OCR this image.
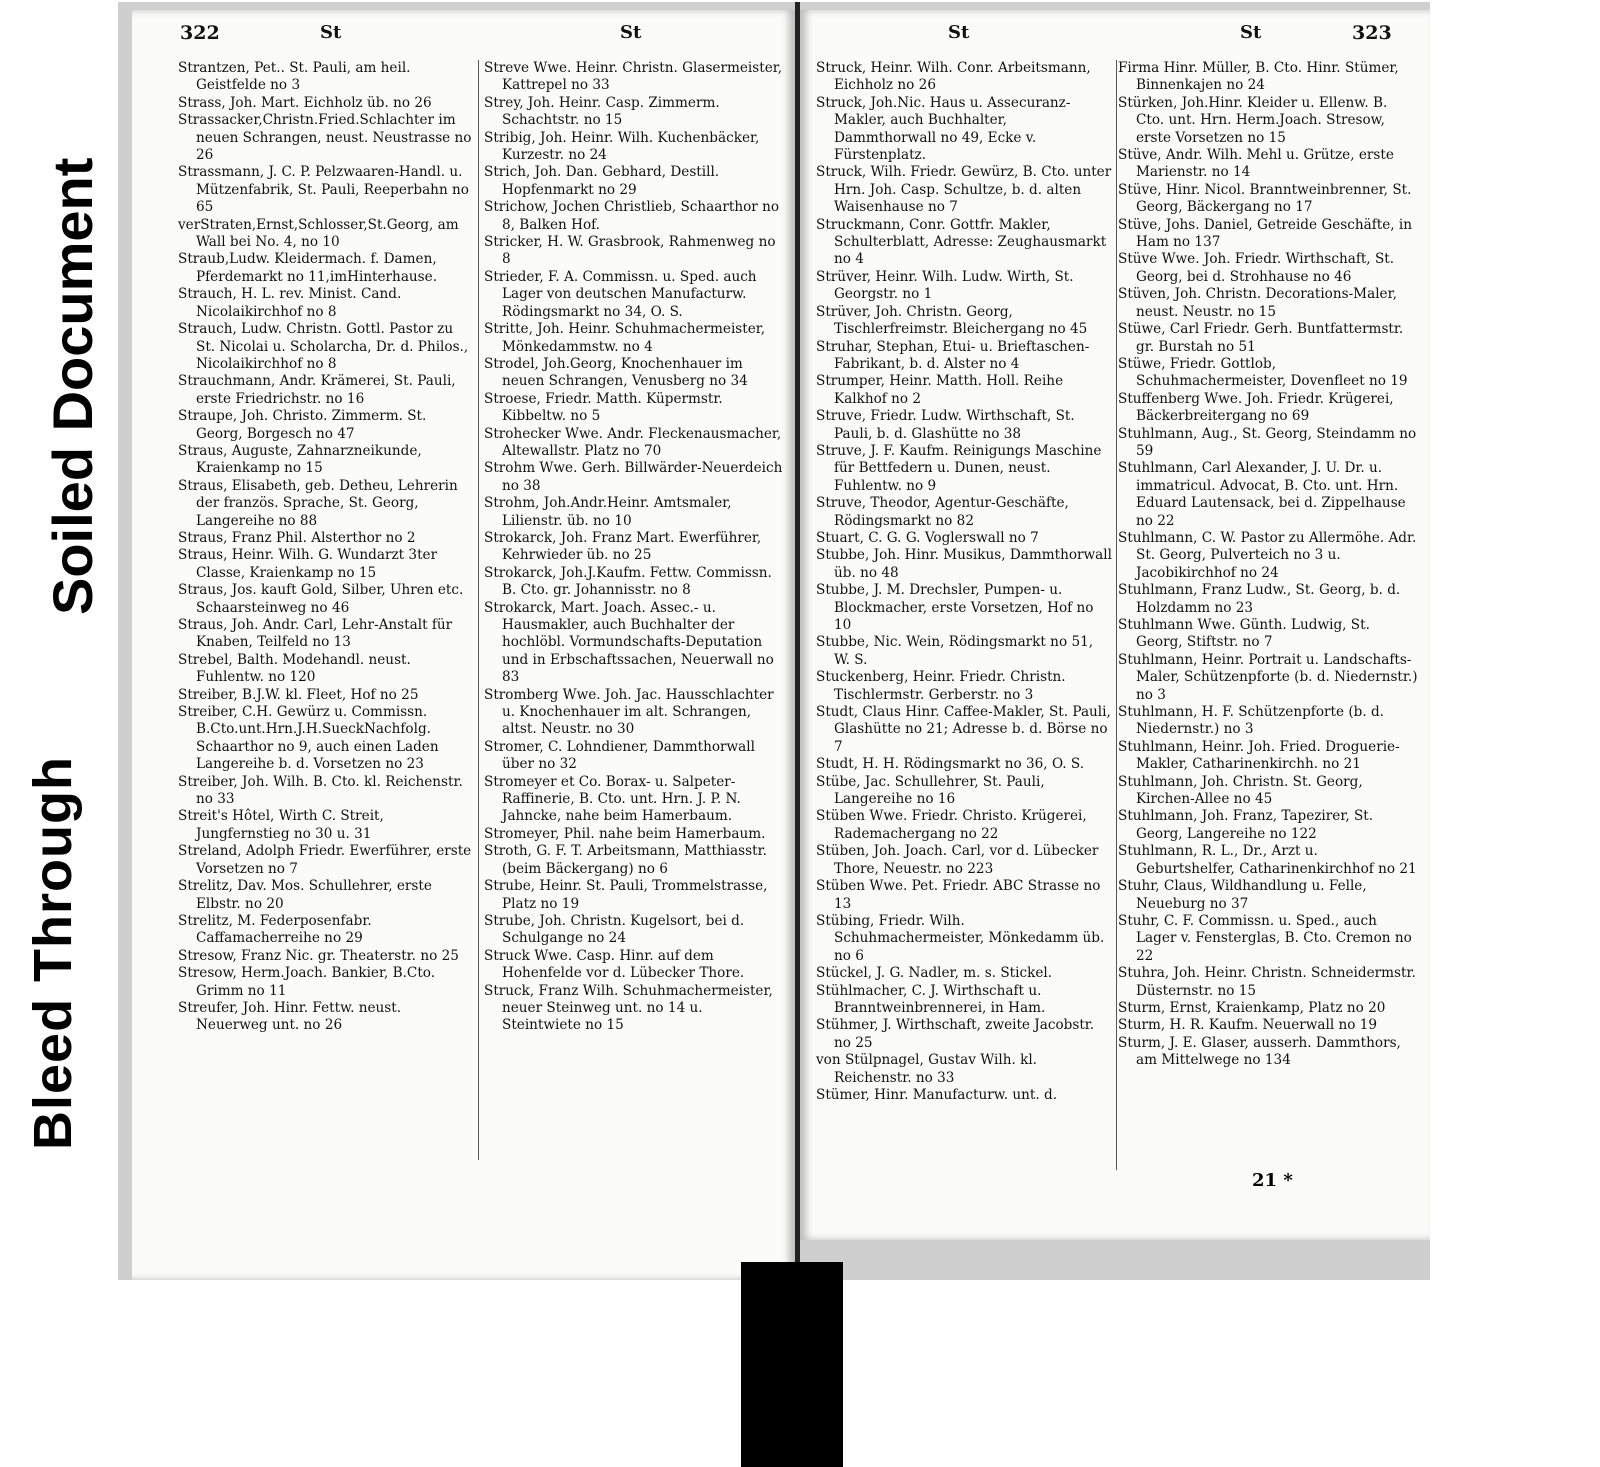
Soiled Document
Bleed Through
322	St	St
Strantzen, Pet.. St. Pauli, am heil. Geistfelde no 3
Strass, Joh. Mart. Eichholz üb. no 26
Strassacker,Christn.Fried.Schlachter im neuen Schrangen, neust. Neustrasse no 26
Strassmann, J. C. P. Pelzwaaren-Handl. u. Mützenfabrik, St. Pauli, Reeperbahn no 65
verStraten,Ernst,Schlosser,St.Georg, am Wall bei No. 4, no 10
Straub,Ludw. Kleidermach. f. Damen, Pferdemarkt no 11,imHinterhause.
Strauch, H. L. rev. Minist. Cand. Nicolaikirchhof no 8
Strauch, Ludw. Christn. Gottl. Pastor zu St. Nicolai u. Scholarcha, Dr. d. Philos., Nicolaikirchhof no 8
Strauchmann, Andr. Krämerei, St. Pauli, erste Friedrichstr. no 16
Straupe, Joh. Christo. Zimmerm. St. Georg, Borgesch no 47
Straus, Auguste, Zahnarzneikunde, Kraienkamp no 15
Straus, Elisabeth, geb. Detheu, Lehrerin der französ. Sprache, St. Georg, Langereihe no 88
Straus, Franz Phil. Alsterthor no 2
Straus, Heinr. Wilh. G. Wundarzt 3ter Classe, Kraienkamp no 15
Straus, Jos. kauft Gold, Silber, Uhren etc. Schaarsteinweg no 46
Straus, Joh. Andr. Carl, Lehr-Anstalt für Knaben, Teilfeld no 13
Strebel, Balth. Modehandl. neust. Fuhlentw. no 120
Streiber, B.J.W. kl. Fleet, Hof no 25
Streiber, C.H. Gewürz u. Commissn. B.Cto.unt.Hrn.J.H.SueckNachfolg. Schaarthor no 9, auch einen Laden Langereihe b. d. Vorsetzen no 23
Streiber, Joh. Wilh. B. Cto. kl. Reichenstr. no 33
Streit's Hôtel, Wirth C. Streit, Jungfernstieg no 30 u. 31
Streland, Adolph Friedr. Ewerführer, erste Vorsetzen no 7
Strelitz, Dav. Mos. Schullehrer, erste Elbstr. no 20
Strelitz, M. Federposenfabr. Caffamacherreihe no 29
Stresow, Franz Nic. gr. Theaterstr. no 25
Stresow, Herm.Joach. Bankier, B.Cto. Grimm no 11
Streufer, Joh. Hinr. Fettw. neust. Neuerweg unt. no 26
Streve Wwe. Heinr. Christn. Glasermeister, Kattrepel no 33
Strey, Joh. Heinr. Casp. Zimmerm. Schachtstr. no 15
Stribig, Joh. Heinr. Wilh. Kuchenbäcker, Kurzestr. no 24
Strich, Joh. Dan. Gebhard, Destill. Hopfenmarkt no 29
Strichow, Jochen Christlieb, Schaarthor no 8, Balken Hof.
Stricker, H. W. Grasbrook, Rahmenweg no 8
Strieder, F. A. Commissn. u. Sped. auch Lager von deutschen Manufacturw. Rödingsmarkt no 34, O. S.
Stritte, Joh. Heinr. Schuhmachermeister, Mönkedammstw. no 4
Strodel, Joh.Georg, Knochenhauer im neuen Schrangen, Venusberg no 34
Stroese, Friedr. Matth. Küpermstr. Kibbeltw. no 5
Strohecker Wwe. Andr. Fleckenausmacher, Altewallstr. Platz no 70
Strohm Wwe. Gerh. Billwärder-Neuerdeich no 38
Strohm, Joh.Andr.Heinr. Amtsmaler, Lilienstr. üb. no 10
Strokarck, Joh. Franz Mart. Ewerführer, Kehrwieder üb. no 25
Strokarck, Joh.J.Kaufm. Fettw. Commissn. B. Cto. gr. Johannisstr. no 8
Strokarck, Mart. Joach. Assec.- u. Hausmakler, auch Buchhalter der hochlöbl. Vormundschafts-Deputation und in Erbschaftssachen, Neuerwall no 83
Stromberg Wwe. Joh. Jac. Hausschlachter u. Knochenhauer im alt. Schrangen, altst. Neustr. no 30
Stromer, C. Lohndiener, Dammthorwall über no 32
Stromeyer et Co. Borax- u. Salpeter-Raffinerie, B. Cto. unt. Hrn. J. P. N. Jahncke, nahe beim Hamerbaum.
Stromeyer, Phil. nahe beim Hamerbaum.
Stroth, G. F. T. Arbeitsmann, Matthiasstr. (beim Bäckergang) no 6
Strube, Heinr. St. Pauli, Trommelstrasse, Platz no 19
Strube, Joh. Christn. Kugelsort, bei d. Schulgange no 24
Struck Wwe. Casp. Hinr. auf dem Hohenfelde vor d. Lübecker Thore.
Struck, Franz Wilh. Schuhmachermeister, neuer Steinweg unt. no 14 u. Steintwiete no 15
St	St	323
Struck, Heinr. Wilh. Conr. Arbeitsmann, Eichholz no 26
Struck, Joh.Nic. Haus u. Assecuranz-Makler, auch Buchhalter, Dammthorwall no 49, Ecke v. Fürstenplatz.
Struck, Wilh. Friedr. Gewürz, B. Cto. unter Hrn. Joh. Casp. Schultze, b. d. alten Waisenhause no 7
Struckmann, Conr. Gottfr. Makler, Schulterblatt, Adresse: Zeughausmarkt no 4
Strüver, Heinr. Wilh. Ludw. Wirth, St. Georgstr. no 1
Strüver, Joh. Christn. Georg, Tischlerfreimstr. Bleichergang no 45
Struhar, Stephan, Etui- u. Brieftaschen-Fabrikant, b. d. Alster no 4
Strumper, Heinr. Matth. Holl. Reihe Kalkhof no 2
Struve, Friedr. Ludw. Wirthschaft, St. Pauli, b. d. Glashütte no 38
Struve, J. F. Kaufm. Reinigungs Maschine für Bettfedern u. Dunen, neust. Fuhlentw. no 9
Struve, Theodor, Agentur-Geschäfte, Rödingsmarkt no 82
Stuart, C. G. G. Voglerswall no 7
Stubbe, Joh. Hinr. Musikus, Dammthorwall üb. no 48
Stubbe, J. M. Drechsler, Pumpen- u. Blockmacher, erste Vorsetzen, Hof no 10
Stubbe, Nic. Wein, Rödingsmarkt no 51, W. S.
Stuckenberg, Heinr. Friedr. Christn. Tischlermstr. Gerberstr. no 3
Studt, Claus Hinr. Caffee-Makler, St. Pauli, Glashütte no 21; Adresse b. d. Börse no 7
Studt, H. H. Rödingsmarkt no 36, O. S.
Stübe, Jac. Schullehrer, St. Pauli, Langereihe no 16
Stüben Wwe. Friedr. Christo. Krügerei, Rademachergang no 22
Stüben, Joh. Joach. Carl, vor d. Lübecker Thore, Neuestr. no 223
Stüben Wwe. Pet. Friedr. ABC Strasse no 13
Stübing, Friedr. Wilh. Schuhmachermeister, Mönkedamm üb. no 6
Stückel, J. G. Nadler, m. s. Stickel.
Stühlmacher, C. J. Wirthschaft u. Branntweinbrennerei, in Ham.
Stühmer, J. Wirthschaft, zweite Jacobstr. no 25
von Stülpnagel, Gustav Wilh. kl. Reichenstr. no 33
Stümer, Hinr. Manufacturw. unt. d.
Firma Hinr. Müller, B. Cto. Hinr. Stümer, Binnenkajen no 24
Stürken, Joh.Hinr. Kleider u. Ellenw. B. Cto. unt. Hrn. Herm.Joach. Stresow, erste Vorsetzen no 15
Stüve, Andr. Wilh. Mehl u. Grütze, erste Marienstr. no 14
Stüve, Hinr. Nicol. Branntweinbrenner, St. Georg, Bäckergang no 17
Stüve, Johs. Daniel, Getreide Geschäfte, in Ham no 137
Stüve Wwe. Joh. Friedr. Wirthschaft, St. Georg, bei d. Strohhause no 46
Stüven, Joh. Christn. Decorations-Maler, neust. Neustr. no 15
Stüwe, Carl Friedr. Gerh. Buntfattermstr. gr. Burstah no 51
Stüwe, Friedr. Gottlob, Schuhmachermeister, Dovenfleet no 19
Stuffenberg Wwe. Joh. Friedr. Krügerei, Bäckerbreitergang no 69
Stuhlmann, Aug., St. Georg, Steindamm no 59
Stuhlmann, Carl Alexander, J. U. Dr. u. immatricul. Advocat, B. Cto. unt. Hrn. Eduard Lautensack, bei d. Zippelhause no 22
Stuhlmann, C. W. Pastor zu Allermöhe. Adr. St. Georg, Pulverteich no 3 u. Jacobikirchhof no 24
Stuhlmann, Franz Ludw., St. Georg, b. d. Holzdamm no 23
Stuhlmann Wwe. Günth. Ludwig, St. Georg, Stiftstr. no 7
Stuhlmann, Heinr. Portrait u. Landschafts-Maler, Schützenpforte (b. d. Niedernstr.) no 3
Stuhlmann, H. F. Schützenpforte (b. d. Niedernstr.) no 3
Stuhlmann, Heinr. Joh. Fried. Droguerie-Makler, Catharinenkirchh. no 21
Stuhlmann, Joh. Christn. St. Georg, Kirchen-Allee no 45
Stuhlmann, Joh. Franz, Tapezirer, St. Georg, Langereihe no 122
Stuhlmann, R. L., Dr., Arzt u. Geburtshelfer, Catharinenkirchhof no 21
Stuhr, Claus, Wildhandlung u. Felle, Neueburg no 37
Stuhr, C. F. Commissn. u. Sped., auch Lager v. Fensterglas, B. Cto. Cremon no 22
Stuhra, Joh. Heinr. Christn. Schneidermstr. Düsternstr. no 15
Sturm, Ernst, Kraienkamp, Platz no 20
Sturm, H. R. Kaufm. Neuerwall no 19
Sturm, J. E. Glaser, ausserh. Dammthors, am Mittelwege no 134
21 *
